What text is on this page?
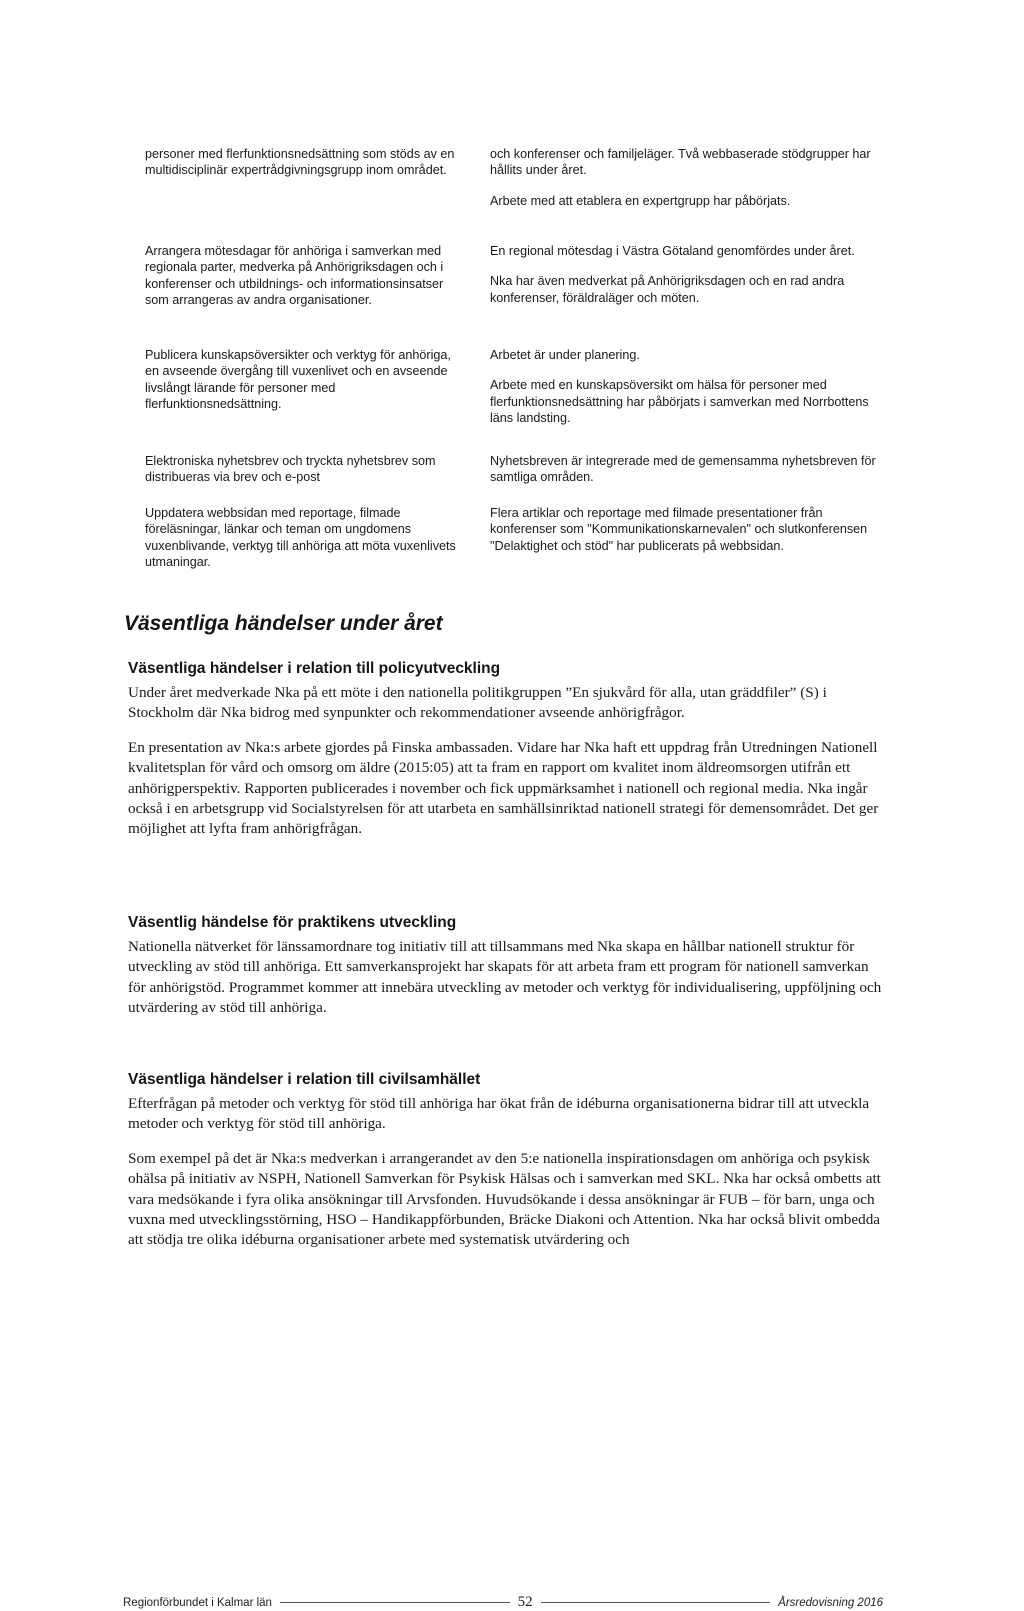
personer med flerfunktionsnedsättning som stöds av en multidisciplinär expertrådgivningsgrupp inom området.

och konferenser och familjeläger. Två webbaserade stödgrupper har hållits under året.

Arbete med att etablera en expertgrupp har påbörjats.

Arrangera mötesdagar för anhöriga i samverkan med regionala parter, medverka på Anhörigriksdagen och i konferenser och utbildnings- och informationsinsatser som arrangeras av andra organisationer.

En regional mötesdag i Västra Götaland genomfördes under året.

Nka har även medverkat på Anhörigriksdagen och en rad andra konferenser, föräldraläger och möten.

Publicera kunskapsöversikter och verktyg för anhöriga, en avseende övergång till vuxenlivet och en avseende livslångt lärande för personer med flerfunktionsnedsättning.

Arbetet är under planering.

Arbete med en kunskapsöversikt om hälsa för personer med flerfunktionsnedsättning har påbörjats i samverkan med Norrbottens läns landsting.

Elektroniska nyhetsbrev och tryckta nyhetsbrev som distribueras via brev och e-post

Nyhetsbreven är integrerade med de gemensamma nyhetsbreven för samtliga områden.

Uppdatera webbsidan med reportage, filmade föreläsningar, länkar och teman om ungdomens vuxenblivande, verktyg till anhöriga att möta vuxenlivets utmaningar.

Flera artiklar och reportage med filmade presentationer från konferenser som "Kommunikationskarnevalen" och slutkonferensen "Delaktighet och stöd" har publicerats på webbsidan.

Väsentliga händelser under året
Väsentliga händelser i relation till policyutveckling

Under året medverkade Nka på ett möte i den nationella politikgruppen ”En sjukvård för alla, utan gräddfiler” (S) i Stockholm där Nka bidrog med synpunkter och rekommendationer avseende anhörigfrågor.

En presentation av Nka:s arbete gjordes på Finska ambassaden. Vidare har Nka haft ett uppdrag från Utredningen Nationell kvalitetsplan för vård och omsorg om äldre (2015:05) att ta fram en rapport om kvalitet inom äldreomsorgen utifrån ett anhörigperspektiv. Rapporten publicerades i november och fick uppmärksamhet i nationell och regional media. Nka ingår också i en arbetsgrupp vid Socialstyrelsen för att utarbeta en samhällsinriktad nationell strategi för demensområdet. Det ger möjlighet att lyfta fram anhörigfrågan.

Väsentlig händelse för praktikens utveckling

Nationella nätverket för länssamordnare tog initiativ till att tillsammans med Nka skapa en hållbar nationell struktur för utveckling av stöd till anhöriga. Ett samverkansprojekt har skapats för att arbeta fram ett program för nationell samverkan för anhörigstöd. Programmet kommer att innebära utveckling av metoder och verktyg för individualisering, uppföljning och utvärdering av stöd till anhöriga.

Väsentliga händelser i relation till civilsamhället

Efterfrågan på metoder och verktyg för stöd till anhöriga har ökat från de idéburna organisationerna bidrar till att utveckla metoder och verktyg för stöd till anhöriga.

Som exempel på det är Nka:s medverkan i arrangerandet av den 5:e nationella inspirationsdagen om anhöriga och psykisk ohälsa på initiativ av NSPH, Nationell Samverkan för Psykisk Hälsas och i samverkan med SKL. Nka har också ombetts att vara medsökande i fyra olika ansökningar till Arvsfonden. Huvudsökande i dessa ansökningar är FUB – för barn, unga och vuxna med utvecklingsstörning, HSO – Handikappförbunden, Bräcke Diakoni och Attention. Nka har också blivit ombedda att stödja tre olika idéburna organisationer arbete med systematisk utvärdering och

Regionförbundet i Kalmar län	52	Årsredovisning 2016
